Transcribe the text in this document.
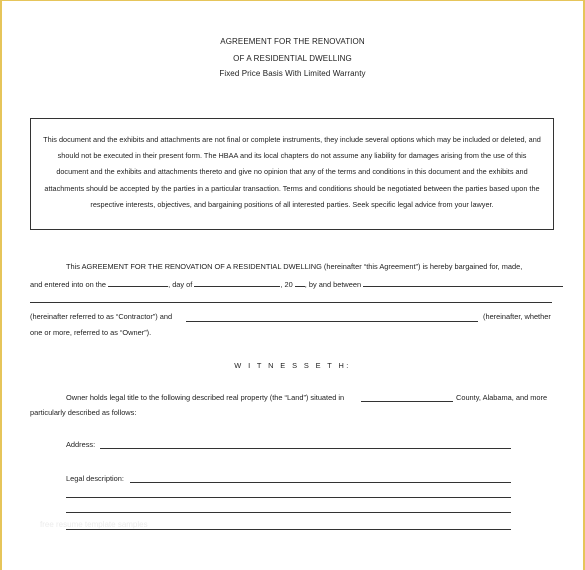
AGREEMENT FOR THE RENOVATION
OF A RESIDENTIAL DWELLING
Fixed Price Basis With Limited Warranty
This document and the exhibits and attachments are not final or complete instruments, they include several options which may be included or deleted, and should not be executed in their present form. The HBAA and its local chapters do not assume any liability for damages arising from the use of this document and the exhibits and attachments thereto and give no opinion that any of the terms and conditions in this document and the exhibits and attachments should be accepted by the parties in a particular transaction. Terms and conditions should be negotiated between the parties based upon the respective interests, objectives, and bargaining positions of all interested parties. Seek specific legal advice from your lawyer.
This AGREEMENT FOR THE RENOVATION OF A RESIDENTIAL DWELLING (hereinafter “this Agreement”) is hereby bargained for, made,
and entered into on the	, day of	, 20 , by and between
(hereinafter referred to as “Contractor”) and	(hereinafter, whether
one or more, referred to as “Owner”).
W I T N E S S E T H:
Owner holds legal title to the following described real property (the “Land”) situated in	County, Alabama, and more
particularly described as follows:
Address:
Legal description:
free resume template samples
